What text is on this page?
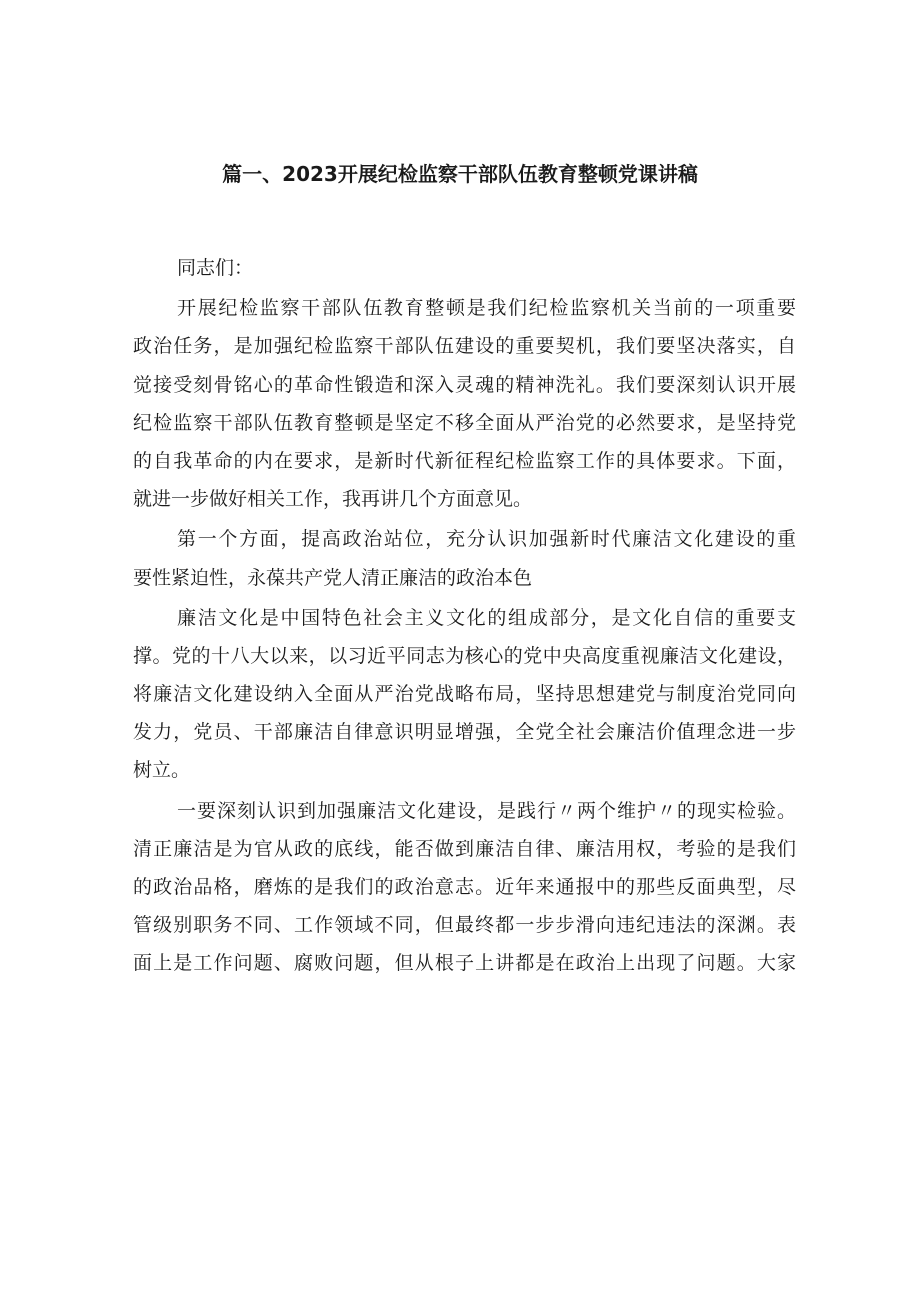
篇一、2023开展纪检监察干部队伍教育整顿党课讲稿
同志们：
开展纪检监察干部队伍教育整顿是我们纪检监察机关当前的一项重要
政治任务，是加强纪检监察干部队伍建设的重要契机，我们要坚决落实，自
觉接受刻骨铭心的革命性锻造和深入灵魂的精神洗礼。我们要深刻认识开展
纪检监察干部队伍教育整顿是坚定不移全面从严治党的必然要求，是坚持党
的自我革命的内在要求，是新时代新征程纪检监察工作的具体要求。下面，
就进一步做好相关工作，我再讲几个方面意见。
第一个方面，提高政治站位，充分认识加强新时代廉洁文化建设的重
要性紧迫性，永葆共产党人清正廉洁的政治本色
廉洁文化是中国特色社会主义文化的组成部分，是文化自信的重要支
撑。党的十八大以来，以习近平同志为核心的党中央高度重视廉洁文化建设，
将廉洁文化建设纳入全面从严治党战略布局，坚持思想建党与制度治党同向
发力，党员、干部廉洁自律意识明显增强，全党全社会廉洁价值理念进一步
树立。
一要深刻认识到加强廉洁文化建设，是践行〃两个维护〃的现实检验。
清正廉洁是为官从政的底线，能否做到廉洁自律、廉洁用权，考验的是我们
的政治品格，磨炼的是我们的政治意志。近年来通报中的那些反面典型，尽
管级别职务不同、工作领域不同，但最终都一步步滑向违纪违法的深渊。表
面上是工作问题、腐败问题，但从根子上讲都是在政治上出现了问题。大家
